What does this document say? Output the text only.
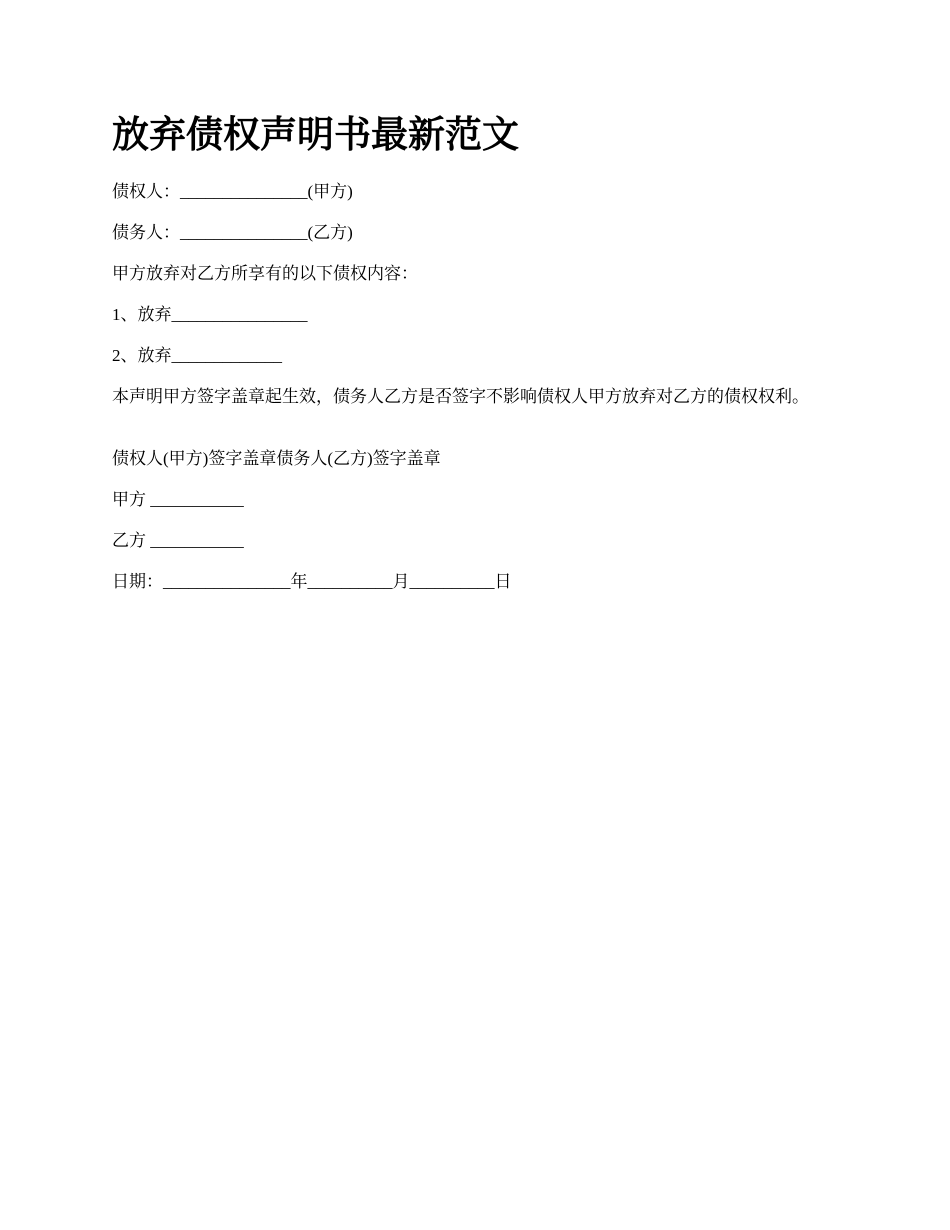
放弃债权声明书最新范文

债权人：_______________(甲方)

债务人：_______________(乙方)

甲方放弃对乙方所享有的以下债权内容：

1、放弃________________

2、放弃_____________

本声明甲方签字盖章起生效，债务人乙方是否签字不影响债权人甲方放弃对乙方的债权权利。

债权人(甲方)签字盖章债务人(乙方)签字盖章

甲方 ___________

乙方 ___________

日期：_______________年__________月__________日
